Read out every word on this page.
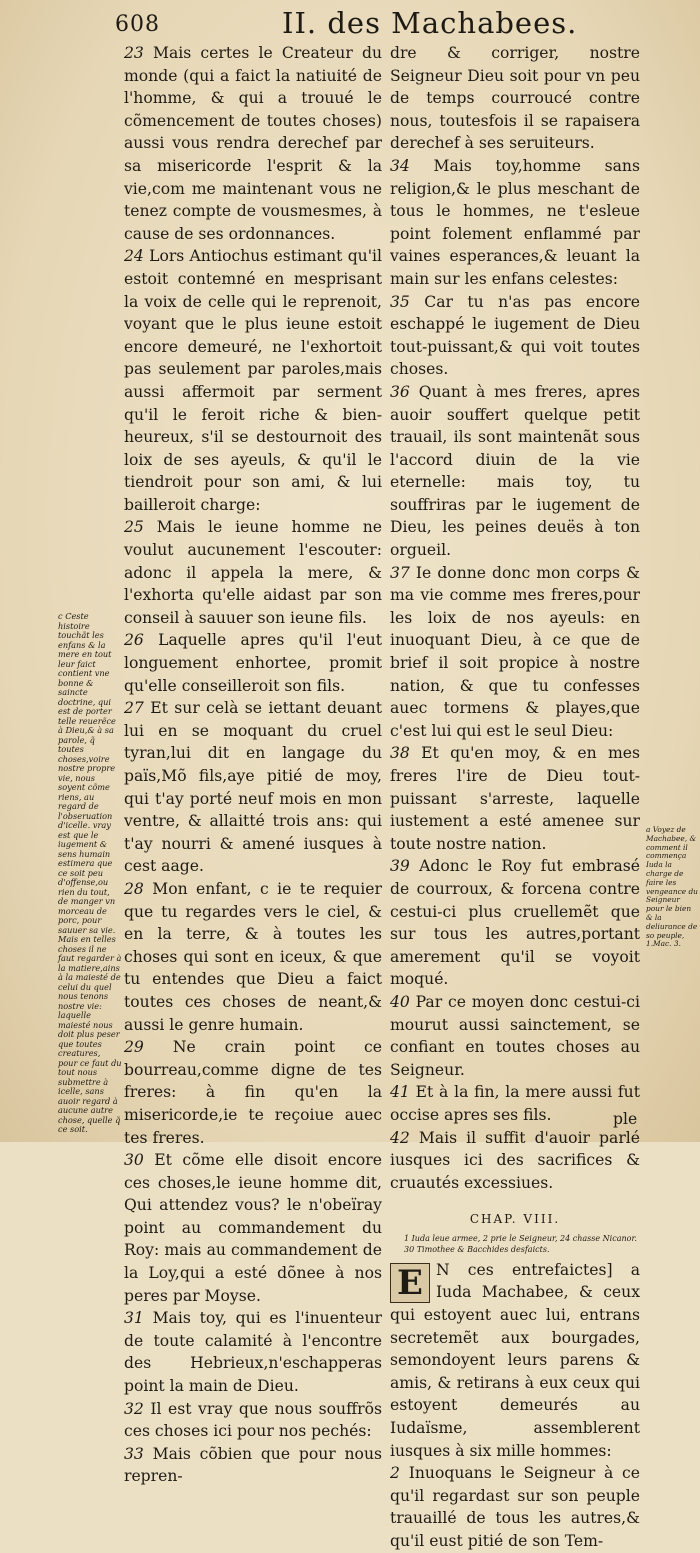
608	II. des Machabees.
c Ceste histoire touchãt les enfans & la mere en tout leur faict contient vne bonne & saincte doctrine, qui est de porter telle reuerẽce à Dieu,& à sa parole, q̃ toutes choses,voire nostre propre vie, nous soyent cõme riens, au regard de l'obseruation d'icelle. vray est que le iugement & sens humain estimera que ce soit peu d'offense,ou rien du tout, de manger vn morceau de porc, pour sauuer sa vie. Mais en telles choses il ne faut regarder à la matiere,ains à la maiesté de celui du quel nous tenons nostre vie: laquelle maiesté nous doit plus peser que toutes creatures, pour ce faut du tout nous submettre à icelle, sans auoir regard à aucune autre chose, quelle q̃ ce soit.

23 Mais certes le Createur du monde (qui a faict la natiuité de l'homme, & qui a trouué le cõmencement de toutes choses) aussi vous rendra derechef par sa misericorde l'esprit & la vie,com me maintenant vous ne tenez compte de vousmesmes, à cause de ses ordonnances.

24 Lors Antiochus estimant qu'il estoit contemné en mesprisant la voix de celle qui le reprenoit, voyant que le plus ieune estoit encore demeuré, ne l'exhortoit pas seulement par paroles,mais aussi affermoit par serment qu'il le feroit riche & bien-heureux, s'il se destournoit des loix de ses ayeuls, & qu'il le tiendroit pour son ami, & lui bailleroit charge:

25 Mais le ieune homme ne voulut aucunement l'escouter: adonc il appela la mere, & l'exhorta qu'elle aidast par son conseil à sauuer son ieune fils.

26 Laquelle apres qu'il l'eut longuement enhortee, promit qu'elle conseilleroit son fils.

27 Et sur celà se iettant deuant lui en se moquant du cruel tyran,lui dit en langage du païs,Mõ fils,aye pitié de moy, qui t'ay porté neuf mois en mon ventre, & allaitté trois ans: qui t'ay nourri & amené iusques à cest aage.

28 Mon enfant, c ie te requier que tu regardes vers le ciel, & en la terre, & à toutes les choses qui sont en iceux, & que tu entendes que Dieu a faict toutes ces choses de neant,& aussi le genre humain.

29 Ne crain point ce bourreau,comme digne de tes freres: à fin qu'en la misericorde,ie te reçoiue auec tes freres.

30 Et cõme elle disoit encore ces choses,le ieune homme dit, Qui attendez vous? le n'obeïray point au commandement du Roy: mais au commandement de la Loy,qui a esté dõnee à nos peres par Moyse.

31 Mais toy, qui es l'inuenteur de toute calamité à l'encontre des Hebrieux,n'eschapperas point la main de Dieu.

32 Il est vray que nous souffrõs ces choses ici pour nos pechés:

33 Mais cõbien que pour nous repren-

dre & corriger, nostre Seigneur Dieu soit pour vn peu de temps courroucé contre nous, toutesfois il se rapaisera derechef à ses seruiteurs.

34 Mais toy,homme sans religion,& le plus meschant de tous le hommes, ne t'esleue point folement enflammé par vaines esperances,& leuant la main sur les enfans celestes:

35 Car tu n'as pas encore eschappé le iugement de Dieu tout-puissant,& qui voit toutes choses.

36 Quant à mes freres, apres auoir souffert quelque petit trauail, ils sont maintenãt sous l'accord diuin de la vie eternelle: mais toy, tu souffriras par le iugement de Dieu, les peines deuës à ton orgueil.

37 Ie donne donc mon corps & ma vie comme mes freres,pour les loix de nos ayeuls: en inuoquant Dieu, à ce que de brief il soit propice à nostre nation, & que tu confesses auec tormens & playes,que c'est lui qui est le seul Dieu:

38 Et qu'en moy, & en mes freres l'ire de Dieu tout-puissant s'arreste, laquelle iustement a esté amenee sur toute nostre nation.

39 Adonc le Roy fut embrasé de courroux, & forcena contre cestui-ci plus cruellemẽt que sur tous les autres,portant amerement qu'il se voyoit moqué.

40 Par ce moyen donc cestui-ci mourut aussi sainctement, se confiant en toutes choses au Seigneur.

41 Et à la fin, la mere aussi fut occise apres ses fils.

42 Mais il suffit d'auoir parlé iusques ici des sacrifices & cruautés excessiues.

CHAP. VIII.
1 Iuda leue armee, 2 prie le Seigneur, 24 chasse Nicanor. 30 Timothee & Bacchides desfaicts.

E N ces entrefaictes] a Iuda Machabee, & ceux qui estoyent auec lui, entrans secretemẽt aux bourgades, semondoyent leurs parens & amis, & retirans à eux ceux qui estoyent demeurés au Iudaïsme, assemblerent iusques à six mille hommes:

2 Inuoquans le Seigneur à ce qu'il regardast sur son peuple trauaillé de tous les autres,& qu'il eust pitié de son Tem-

a Voyez de Machabee, & comment il commença Iuda la charge de faire les vengeance du Seigneur pour le bien & la deliurance de so peuple, 1.Mac. 3.
ple
